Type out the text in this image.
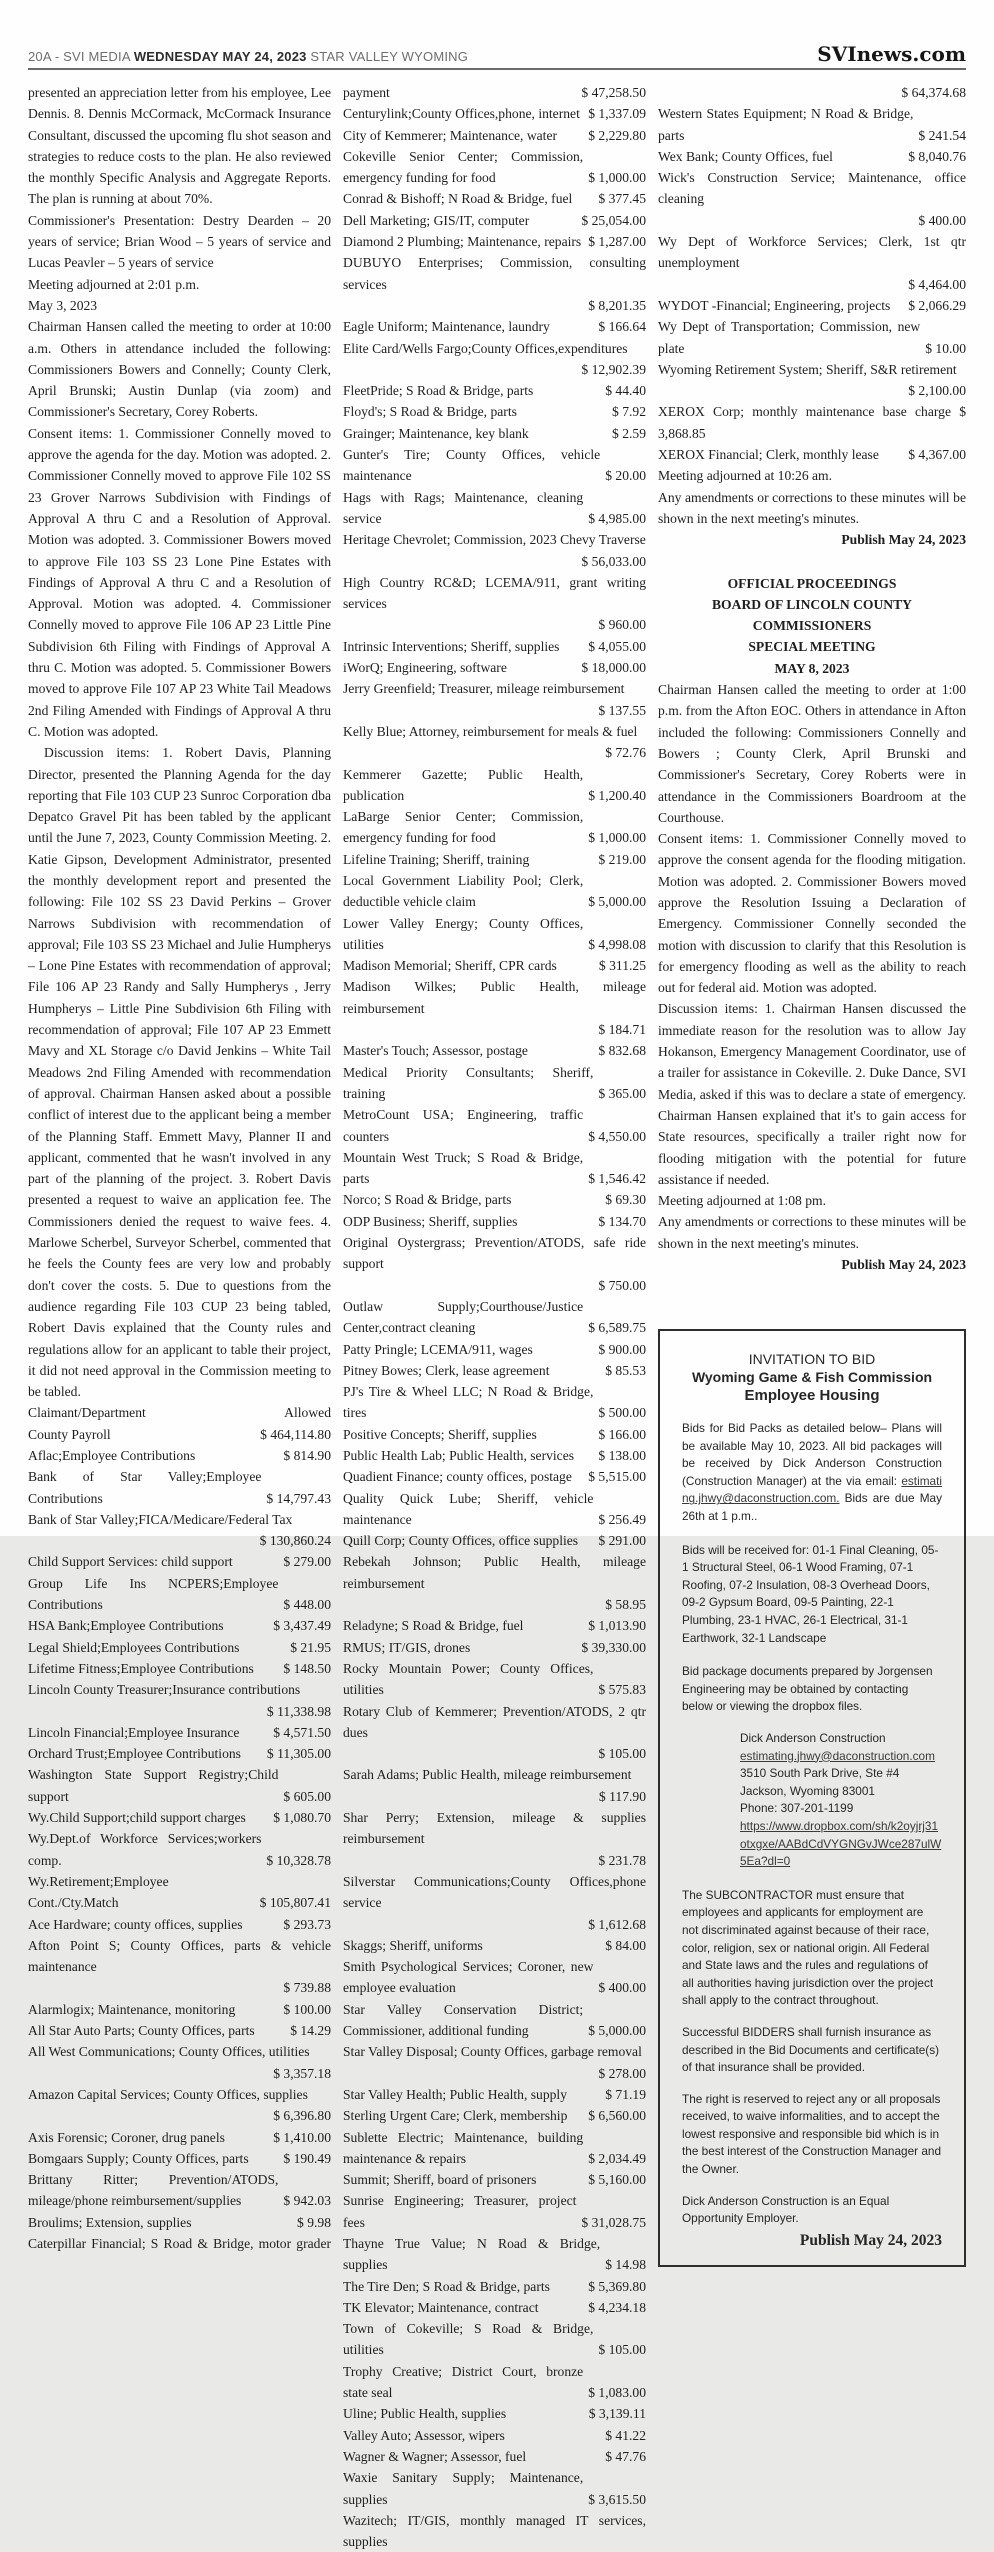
20A - SVI MEDIA WEDNESDAY MAY 24, 2023 STAR VALLEY WYOMING	SVInews.com
presented an appreciation letter from his employee, Lee Dennis. 8. Dennis McCormack, McCormack Insurance Consultant, discussed the upcoming flu shot season and strategies to reduce costs to the plan. He also reviewed the monthly Specific Analysis and Aggregate Reports. The plan is running at about 70%.
Commissioner's Presentation: Destry Dearden – 20 years of service; Brian Wood – 5 years of service and Lucas Peavler – 5 years of service
Meeting adjourned at 2:01 p.m.
May 3, 2023
Chairman Hansen called the meeting to order at 10:00 a.m. Others in attendance included the following: Commissioners Bowers and Connelly; County Clerk, April Brunski; Austin Dunlap (via zoom) and Commissioner's Secretary, Corey Roberts.
Consent items: 1. Commissioner Connelly moved to approve the agenda for the day. Motion was adopted. 2. Commissioner Connelly moved to approve File 102 SS 23 Grover Narrows Subdivision with Findings of Approval A thru C and a Resolution of Approval. Motion was adopted. 3. Commissioner Bowers moved to approve File 103 SS 23 Lone Pine Estates with Findings of Approval A thru C and a Resolution of Approval. Motion was adopted. 4. Commissioner Connelly moved to approve File 106 AP 23 Little Pine Subdivision 6th Filing with Findings of Approval A thru C. Motion was adopted. 5. Commissioner Bowers moved to approve File 107 AP 23 White Tail Meadows 2nd Filing Amended with Findings of Approval A thru C. Motion was adopted.
Discussion items: 1. Robert Davis, Planning Director, presented the Planning Agenda for the day reporting that File 103 CUP 23 Sunroc Corporation dba Depatco Gravel Pit has been tabled by the applicant until the June 7, 2023, County Commission Meeting. 2. Katie Gipson, Development Administrator, presented the monthly development report and presented the following: File 102 SS 23 David Perkins – Grover Narrows Subdivision with recommendation of approval; File 103 SS 23 Michael and Julie Humpherys – Lone Pine Estates with recommendation of approval; File 106 AP 23 Randy and Sally Humpherys , Jerry Humpherys – Little Pine Subdivision 6th Filing with recommendation of approval; File 107 AP 23 Emmett Mavy and XL Storage c/o David Jenkins – White Tail Meadows 2nd Filing Amended with recommendation of approval. Chairman Hansen asked about a possible conflict of interest due to the applicant being a member of the Planning Staff. Emmett Mavy, Planner II and applicant, commented that he wasn't involved in any part of the planning of the project. 3. Robert Davis presented a request to waive an application fee. The Commissioners denied the request to waive fees. 4. Marlowe Scherbel, Surveyor Scherbel, commented that he feels the County fees are very low and probably don't cover the costs. 5. Due to questions from the audience regarding File 103 CUP 23 being tabled, Robert Davis explained that the County rules and regulations allow for an applicant to table their project, it did not need approval in the Commission meeting to be tabled.
Claimant/Department	Allowed
County Payroll	$ 464,114.80
Aflac;Employee Contributions	$ 814.90
Bank of Star Valley;Employee Contributions	$ 14,797.43
Bank of Star Valley;FICA/Medicare/Federal Tax
$ 130,860.24
Child Support Services: child support	$ 279.00
Group Life Ins NCPERS;Employee Contributions	$ 448.00
HSA Bank;Employee Contributions	$ 3,437.49
Legal Shield;Employees Contributions	$ 21.95
Lifetime Fitness;Employee Contributions	$ 148.50
Lincoln County Treasurer;Insurance contributions
$ 11,338.98
Lincoln Financial;Employee Insurance	$ 4,571.50
Orchard Trust;Employee Contributions	$ 11,305.00
Washington State Support Registry;Child support	$ 605.00
Wy.Child Support;child support charges	$ 1,080.70
Wy.Dept.of Workforce Services;workers comp.	$ 10,328.78
Wy.Retirement;Employee Cont./Cty.Match	$ 105,807.41
Ace Hardware; county offices, supplies	$ 293.73
Afton Point S; County Offices, parts & vehicle maintenance
$ 739.88
Alarmlogix; Maintenance, monitoring	$ 100.00
All Star Auto Parts; County Offices, parts	$ 14.29
All West Communications; County Offices, utilities
$ 3,357.18
Amazon Capital Services; County Offices, supplies
$ 6,396.80
Axis Forensic; Coroner, drug panels	$ 1,410.00
Bomgaars Supply; County Offices, parts	$ 190.49
Brittany Ritter; Prevention/ATODS, mileage/phone reimbursement/supplies	$ 942.03
Broulims; Extension, supplies	$ 9.98
Caterpillar Financial; S Road & Bridge, motor grader
payment	$ 47,258.50
Centurylink;County Offices,phone, internet $ 1,337.09
City of Kemmerer; Maintenance, water	$ 2,229.80
Cokeville Senior Center; Commission, emergency funding for food	$ 1,000.00
Conrad & Bishoff; N Road & Bridge, fuel	$ 377.45
Dell Marketing; GIS/IT, computer	$ 25,054.00
Diamond 2 Plumbing; Maintenance, repairs $ 1,287.00
DUBUYO Enterprises; Commission, consulting services
$ 8,201.35
Eagle Uniform; Maintenance, laundry	$ 166.64
Elite Card/Wells Fargo;County Offices,expenditures
$ 12,902.39
FleetPride; S Road & Bridge, parts	$ 44.40
Floyd's; S Road & Bridge, parts	$ 7.92
Grainger; Maintenance, key blank	$ 2.59
Gunter's Tire; County Offices, vehicle maintenance	$ 20.00
Hags with Rags; Maintenance, cleaning service	$ 4,985.00
Heritage Chevrolet; Commission, 2023 Chevy Traverse
$ 56,033.00
High Country RC&D; LCEMA/911, grant writing services
$ 960.00
Intrinsic Interventions; Sheriff, supplies	$ 4,055.00
iWorQ; Engineering, software	$ 18,000.00
Jerry Greenfield; Treasurer, mileage reimbursement
$ 137.55
Kelly Blue; Attorney, reimbursement for meals & fuel
$ 72.76
Kemmerer Gazette; Public Health, publication	$ 1,200.40
LaBarge Senior Center; Commission, emergency funding for food	$ 1,000.00
Lifeline Training; Sheriff, training	$ 219.00
Local Government Liability Pool; Clerk, deductible vehicle claim	$ 5,000.00
Lower Valley Energy; County Offices, utilities	$ 4,998.08
Madison Memorial; Sheriff, CPR cards	$ 311.25
Madison Wilkes; Public Health, mileage reimbursement
$ 184.71
Master's Touch; Assessor, postage	$ 832.68
Medical Priority Consultants; Sheriff, training	$ 365.00
MetroCount USA; Engineering, traffic counters	$ 4,550.00
Mountain West Truck; S Road & Bridge, parts	$ 1,546.42
Norco; S Road & Bridge, parts	$ 69.30
ODP Business; Sheriff, supplies	$ 134.70
Original Oystergrass; Prevention/ATODS, safe ride support
$ 750.00
Outlaw Supply;Courthouse/Justice Center,contract cleaning	$ 6,589.75
Patty Pringle; LCEMA/911, wages	$ 900.00
Pitney Bowes; Clerk, lease agreement	$ 85.53
PJ's Tire & Wheel LLC; N Road & Bridge, tires	$ 500.00
Positive Concepts; Sheriff, supplies	$ 166.00
Public Health Lab; Public Health, services	$ 138.00
Quadient Finance; county offices, postage	$ 5,515.00
Quality Quick Lube; Sheriff, vehicle maintenance	$ 256.49
Quill Corp; County Offices, office supplies	$ 291.00
Rebekah Johnson; Public Health, mileage reimbursement
$ 58.95
Reladyne; S Road & Bridge, fuel	$ 1,013.90
RMUS; IT/GIS, drones	$ 39,330.00
Rocky Mountain Power; County Offices, utilities	$ 575.83
Rotary Club of Kemmerer; Prevention/ATODS, 2 qtr dues
$ 105.00
Sarah Adams; Public Health, mileage reimbursement
$ 117.90
Shar Perry; Extension, mileage & supplies reimbursement
$ 231.78
Silverstar Communications;County Offices,phone service
$ 1,612.68
Skaggs; Sheriff, uniforms	$ 84.00
Smith Psychological Services; Coroner, new employee evaluation	$ 400.00
Star Valley Conservation District; Commissioner, additional funding	$ 5,000.00
Star Valley Disposal; County Offices, garbage removal
$ 278.00
Star Valley Health; Public Health, supply	$ 71.19
Sterling Urgent Care; Clerk, membership	$ 6,560.00
Sublette Electric; Maintenance, building maintenance & repairs	$ 2,034.49
Summit; Sheriff, board of prisoners	$ 5,160.00
Sunrise Engineering; Treasurer, project fees	$ 31,028.75
Thayne True Value; N Road & Bridge, supplies	$ 14.98
The Tire Den; S Road & Bridge, parts	$ 5,369.80
TK Elevator; Maintenance, contract	$ 4,234.18
Town of Cokeville; S Road & Bridge, utilities	$ 105.00
Trophy Creative; District Court, bronze state seal	$ 1,083.00
Uline; Public Health, supplies	$ 3,139.11
Valley Auto; Assessor, wipers	$ 41.22
Wagner & Wagner; Assessor, fuel	$ 47.76
Waxie Sanitary Supply; Maintenance, supplies	$ 3,615.50
Wazitech; IT/GIS, monthly managed IT services, supplies
$ 64,374.68
Western States Equipment; N Road & Bridge, parts	$ 241.54
Wex Bank; County Offices, fuel	$ 8,040.76
Wick's Construction Service; Maintenance, office cleaning
$ 400.00
Wy Dept of Workforce Services; Clerk, 1st qtr unemployment
$ 4,464.00
WYDOT -Financial; Engineering, projects	$ 2,066.29
Wy Dept of Transportation; Commission, new plate	$ 10.00
Wyoming Retirement System; Sheriff, S&R retirement
$ 2,100.00
XEROX Corp; monthly maintenance base charge $ 3,868.85
XEROX Financial; Clerk, monthly lease	$ 4,367.00
Meeting adjourned at 10:26 am.
Any amendments or corrections to these minutes will be shown in the next meeting's minutes.
Publish May 24, 2023
OFFICIAL PROCEEDINGS
BOARD OF LINCOLN COUNTY COMMISSIONERS
SPECIAL MEETING
MAY 8, 2023
Chairman Hansen called the meeting to order at 1:00 p.m. from the Afton EOC. Others in attendance in Afton included the following: Commissioners Connelly and Bowers ; County Clerk, April Brunski and Commissioner's Secretary, Corey Roberts were in attendance in the Commissioners Boardroom at the Courthouse.
Consent items: 1. Commissioner Connelly moved to approve the consent agenda for the flooding mitigation. Motion was adopted. 2. Commissioner Bowers moved approve the Resolution Issuing a Declaration of Emergency. Commissioner Connelly seconded the motion with discussion to clarify that this Resolution is for emergency flooding as well as the ability to reach out for federal aid. Motion was adopted.
Discussion items: 1. Chairman Hansen discussed the immediate reason for the resolution was to allow Jay Hokanson, Emergency Management Coordinator, use of a trailer for assistance in Cokeville. 2. Duke Dance, SVI Media, asked if this was to declare a state of emergency. Chairman Hansen explained that it's to gain access for State resources, specifically a trailer right now for flooding mitigation with the potential for future assistance if needed.
Meeting adjourned at 1:08 pm.
Any amendments or corrections to these minutes will be shown in the next meeting's minutes.
Publish May 24, 2023
INVITATION TO BID
Wyoming Game & Fish Commission
Employee Housing
Bids for Bid Packs as detailed below– Plans will be available May 10, 2023. All bid packages will be received by Dick Anderson Construction (Construction Manager) at the via email: estimating.jhwy@daconstruction.com. Bids are due May 26th at 1 p.m..
Bids will be received for: 01-1 Final Cleaning, 05-1 Structural Steel, 06-1 Wood Framing, 07-1 Roofing, 07-2 Insulation, 08-3 Overhead Doors, 09-2 Gypsum Board, 09-5 Painting, 22-1 Plumbing, 23-1 HVAC, 26-1 Electrical, 31-1 Earthwork, 32-1 Landscape
Bid package documents prepared by Jorgensen Engineering may be obtained by contacting below or viewing the dropbox files.
Dick Anderson Construction
estimating.jhwy@daconstruction.com
3510 South Park Drive, Ste #4
Jackson, Wyoming 83001
Phone: 307-201-1199
https://www.dropbox.com/sh/k2oyjrj31otxgxe/AABdCdVYGNGvJWce287ulW5Ea?dl=0
The SUBCONTRACTOR must ensure that employees and applicants for employment are not discriminated against because of their race, color, religion, sex or national origin. All Federal and State laws and the rules and regulations of all authorities having jurisdiction over the project shall apply to the contract throughout.
Successful BIDDERS shall furnish insurance as described in the Bid Documents and certificate(s) of that insurance shall be provided.
The right is reserved to reject any or all proposals received, to waive informalities, and to accept the lowest responsive and responsible bid which is in the best interest of the Construction Manager and the Owner.
Dick Anderson Construction is an Equal Opportunity Employer.
Publish May 24, 2023
